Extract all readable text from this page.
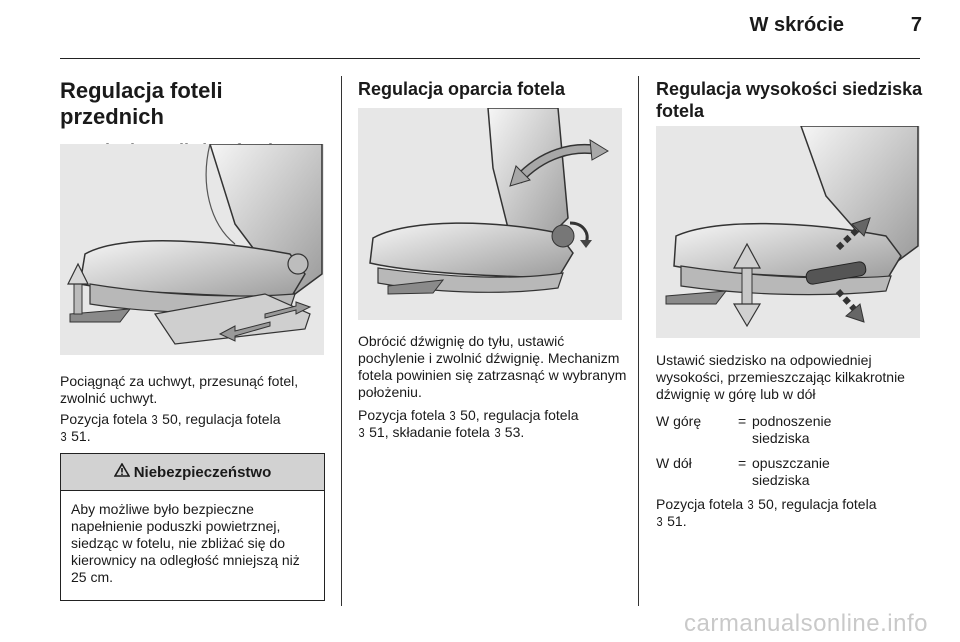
W skrócie	7
Regulacja foteli przednich

Pociągnąć za uchwyt, przesunąć fotel, zwolnić uchwyt.

Pozycja fotela 3 50, regulacja fotela
3 51.

Niebezpieczeństwo
Aby możliwe było bezpieczne napełnienie poduszki powietrznej, siedząc w fotelu, nie zbliżać się do kierownicy na odległość mniejszą niż 25 cm.
Regulacja oparcia fotela

Obrócić dźwignię do tyłu, ustawić pochylenie i zwolnić dźwignię. Mechanizm fotela powinien się zatrzasnąć w wybranym położeniu.

Pozycja fotela 3 50, regulacja fotela
3 51, składanie fotela 3 53.

Regulacja wysokości siedziska fotela

Ustawić siedzisko na odpowiedniej wysokości, przemieszczając kilkakrotnie dźwignię w górę lub w dół

W górę	= podnoszenie siedziska
W dół	= opuszczanie siedziska

Pozycja fotela 3 50, regulacja fotela
3 51.

carmanualsonline.info
